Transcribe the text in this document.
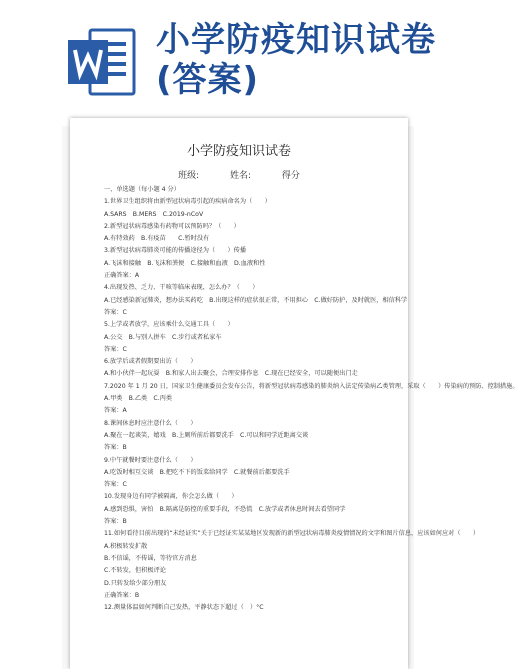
小学防疫知识试卷
(答案)
小学防疫知识试卷
班级:	姓名:	得分
一、单选题（每小题 4 分）
1.世界卫生组织将由新型冠状病毒引起的疾病命名为（　　）
A.SARS　B.MERS　C.2019-nCoV
2.新型冠状病毒感染有药物可以预防吗？（　　）
A.有特效药　B.有疫苗　　C.暂时没有
3.新型冠状病毒肺炎可能的传播途径为（　　）传播
A.飞沫和接触　B.飞沫和粪便　C.接触和血液　D.血液和性
正确答案：A
4.出现发热、乏力、干咳等临床表现，怎么办？（　　）
A.已经感染新冠肺炎，想办法买药吃　B.出现这样的症状很正常，不用担心　C.做好防护，及时就医，相信科学
答案：C
5.上学或者放学，应该乘什么交通工具（　　）
A.公交　B.与别人拼车　C.步行或者私家车
答案：C
6.放学后或者假期要出访（　　）
A.和小伙伴一起玩耍　B.和家人出去聚会，合理安排作息　C.现在已经安全，可以随便出门走
7.2020 年 1 月 20 日，国家卫生健康委员会发布公告，将新型冠状病毒感染的肺炎纳入法定传染病乙类管理，采取（　　）传染病的预防、控制措施。
A.甲类　B.乙类　C.丙类
答案：A
8.课间休息时应注意什么（　　）
A.聚在一起谈笑，嬉戏　B.上厕所前后都要洗手　C.可以和同学近距离交谈
答案：B
9.中午就餐时要注意什么（　　）
A.吃饭时相互交谈　B.把吃不下的饭菜给同学　C.就餐前后都要洗手
答案：C
10.发现身边有同学被隔离，你会怎么做（　　）
A.感到恐惧，害怕　B.隔离是防控的重要手段，不恐慌　C.放学或者休息时间去看望同学
答案：B
11.如何看待目前出现的“未经证实”关于已经证实某某地区发现新的新型冠状病毒肺炎疫情情况的文字和图片信息，应该如何应对（　　）
A.积极转发扩散
B.不信谣，不传谣，等待官方消息
C.不转发，但积极评论
D.只转发给少部分朋友
正确答案：B
12.测量体温如何判断自己发热，平静状态下超过（　）°C
